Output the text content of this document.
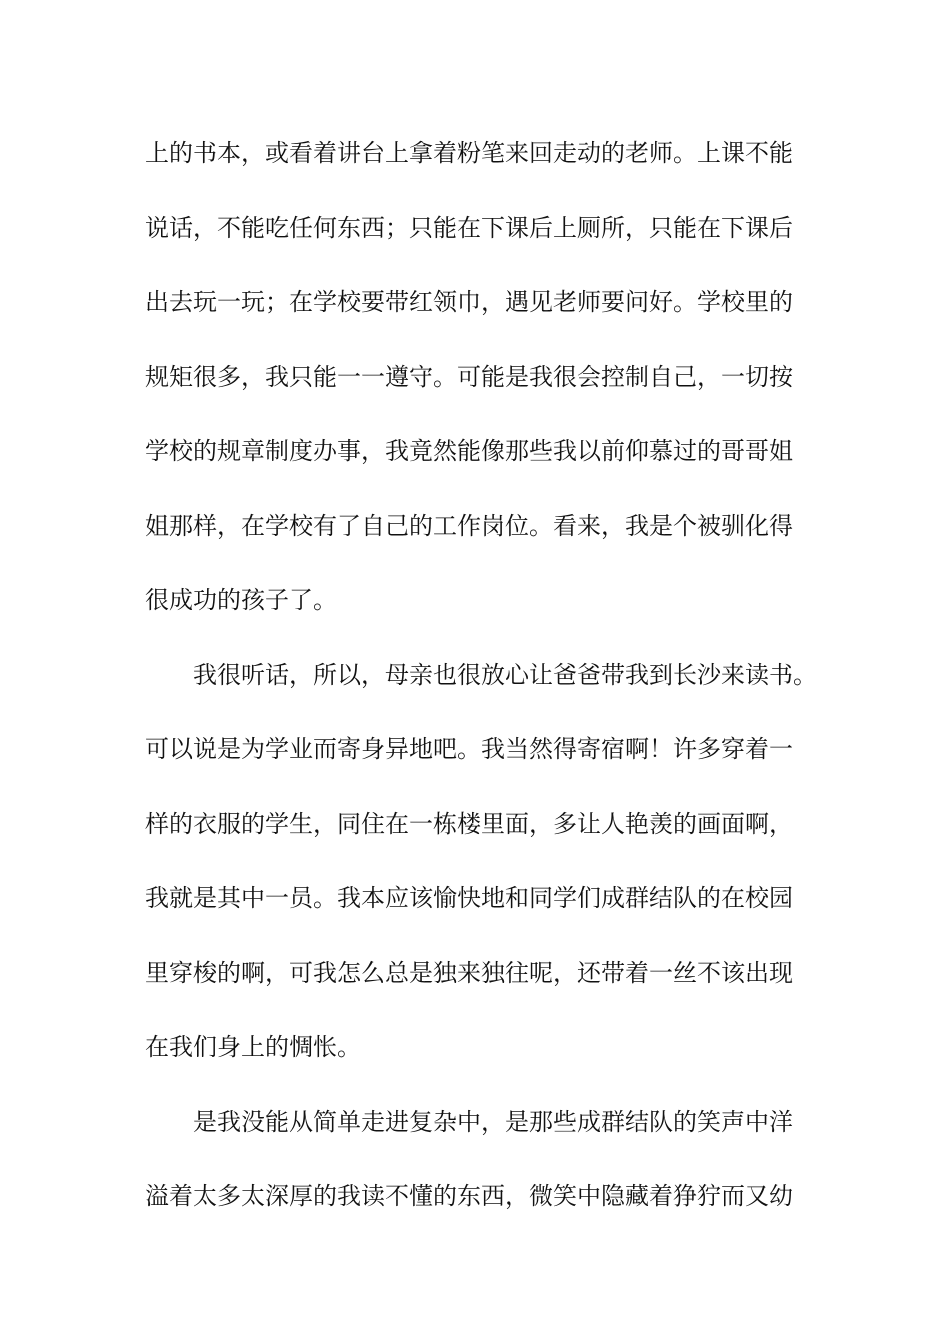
上的书本，或看着讲台上拿着粉笔来回走动的老师。上课不能
说话，不能吃任何东西；只能在下课后上厕所，只能在下课后
出去玩一玩；在学校要带红领巾，遇见老师要问好。学校里的
规矩很多，我只能一一遵守。可能是我很会控制自己，一切按
学校的规章制度办事，我竟然能像那些我以前仰慕过的哥哥姐
姐那样，在学校有了自己的工作岗位。看来，我是个被驯化得
很成功的孩子了。
我很听话，所以，母亲也很放心让爸爸带我到长沙来读书。
可以说是为学业而寄身异地吧。我当然得寄宿啊！许多穿着一
样的衣服的学生，同住在一栋楼里面，多让人艳羡的画面啊，
我就是其中一员。我本应该愉快地和同学们成群结队的在校园
里穿梭的啊，可我怎么总是独来独往呢，还带着一丝不该出现
在我们身上的惆怅。
是我没能从简单走进复杂中，是那些成群结队的笑声中洋
溢着太多太深厚的我读不懂的东西，微笑中隐藏着狰狞而又幼
